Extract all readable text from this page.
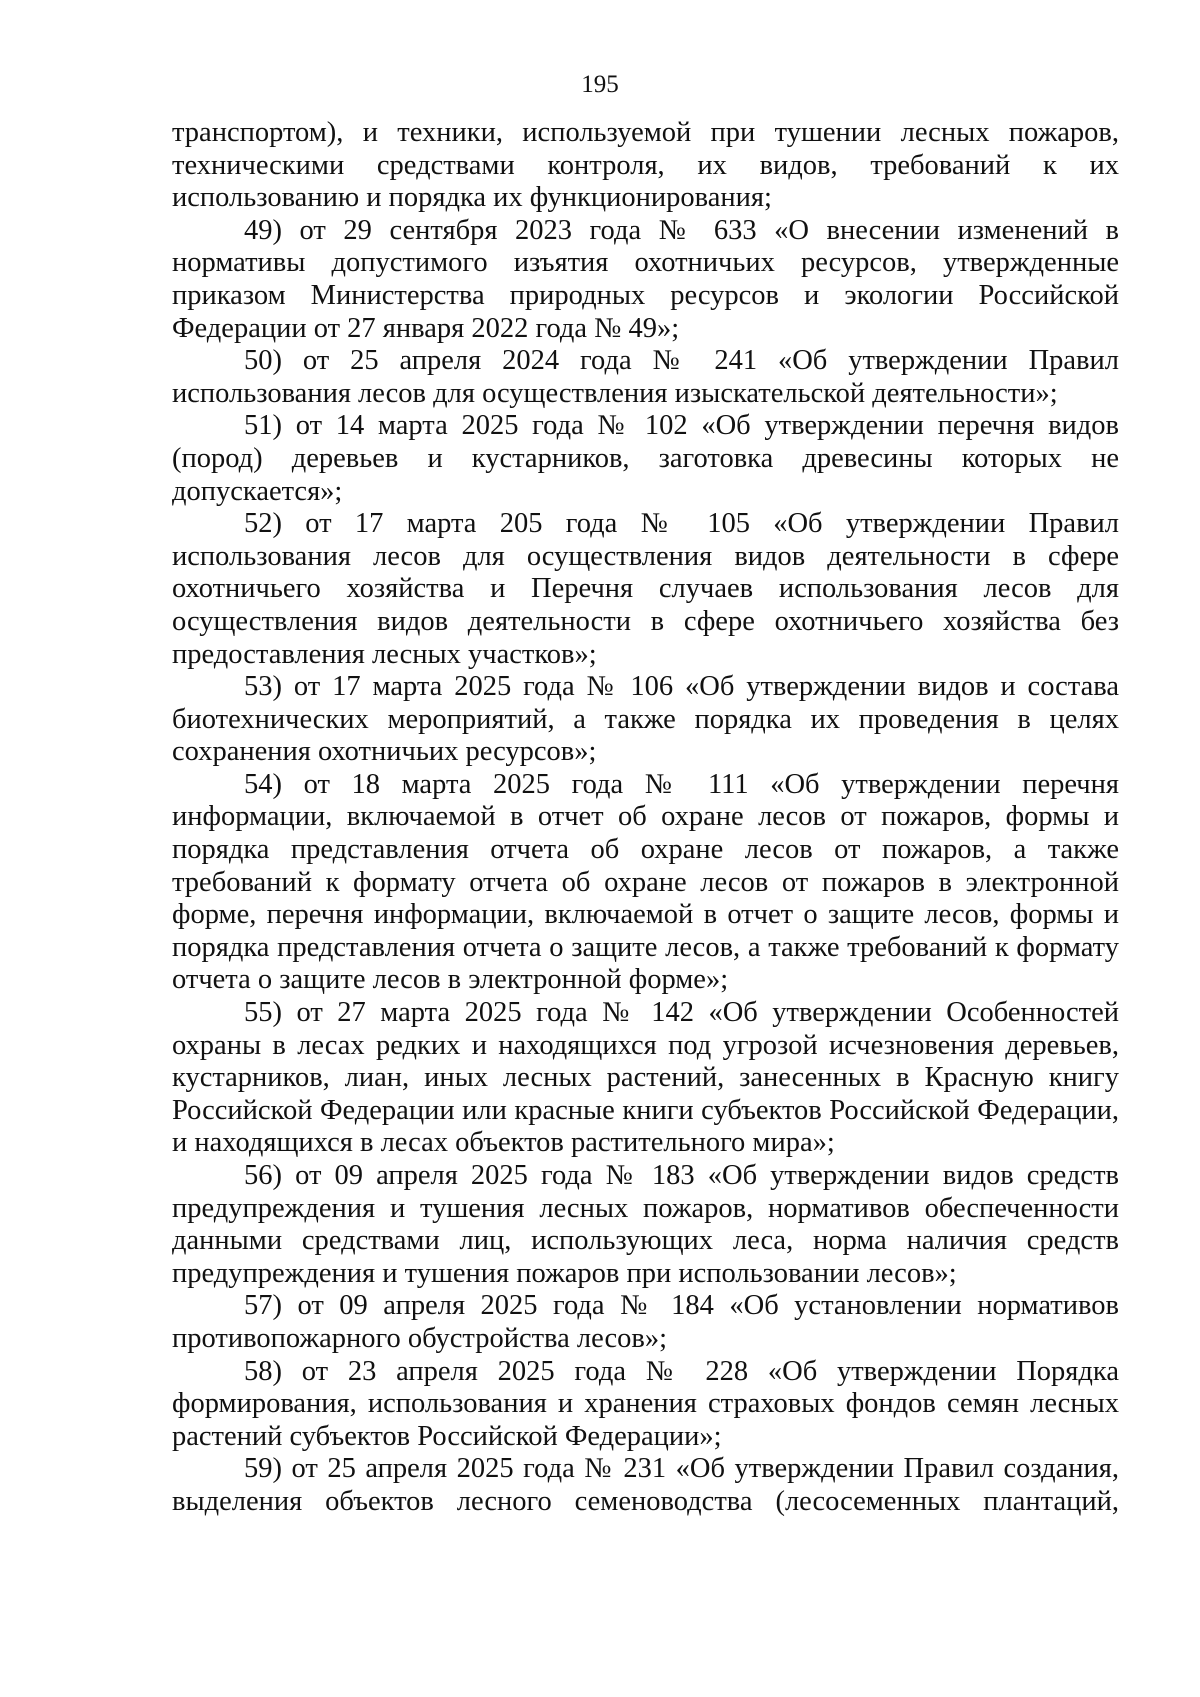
195

транспортом), и техники, используемой при тушении лесных пожаров, техническими средствами контроля, их видов, требований к их использованию и порядка их функционирования;

49) от 29 сентября 2023 года № 633 «О внесении изменений в нормативы допустимого изъятия охотничьих ресурсов, утвержденные приказом Министерства природных ресурсов и экологии Российской Федерации от 27 января 2022 года № 49»;

50) от 25 апреля 2024 года № 241 «Об утверждении Правил использования лесов для осуществления изыскательской деятельности»;

51) от 14 марта 2025 года № 102 «Об утверждении перечня видов (пород) деревьев и кустарников, заготовка древесины которых не допускается»;

52) от 17 марта 205 года № 105 «Об утверждении Правил использования лесов для осуществления видов деятельности в сфере охотничьего хозяйства и Перечня случаев использования лесов для осуществления видов деятельности в сфере охотничьего хозяйства без предоставления лесных участков»;

53) от 17 марта 2025 года № 106 «Об утверждении видов и состава биотехнических мероприятий, а также порядка их проведения в целях сохранения охотничьих ресурсов»;

54) от 18 марта 2025 года № 111 «Об утверждении перечня информации, включаемой в отчет об охране лесов от пожаров, формы и порядка представления отчета об охране лесов от пожаров, а также требований к формату отчета об охране лесов от пожаров в электронной форме, перечня информации, включаемой в отчет о защите лесов, формы и порядка представления отчета о защите лесов, а также требований к формату отчета о защите лесов в электронной форме»;

55) от 27 марта 2025 года № 142 «Об утверждении Особенностей охраны в лесах редких и находящихся под угрозой исчезновения деревьев, кустарников, лиан, иных лесных растений, занесенных в Красную книгу Российской Федерации или красные книги субъектов Российской Федерации, и находящихся в лесах объектов растительного мира»;

56) от 09 апреля 2025 года № 183 «Об утверждении видов средств предупреждения и тушения лесных пожаров, нормативов обеспеченности данными средствами лиц, использующих леса, норма наличия средств предупреждения и тушения пожаров при использовании лесов»;

57) от 09 апреля 2025 года № 184 «Об установлении нормативов противопожарного обустройства лесов»;

58) от 23 апреля 2025 года № 228 «Об утверждении Порядка формирования, использования и хранения страховых фондов семян лесных растений субъектов Российской Федерации»;

59) от 25 апреля 2025 года № 231 «Об утверждении Правил создания, выделения объектов лесного семеноводства (лесосеменных плантаций,
